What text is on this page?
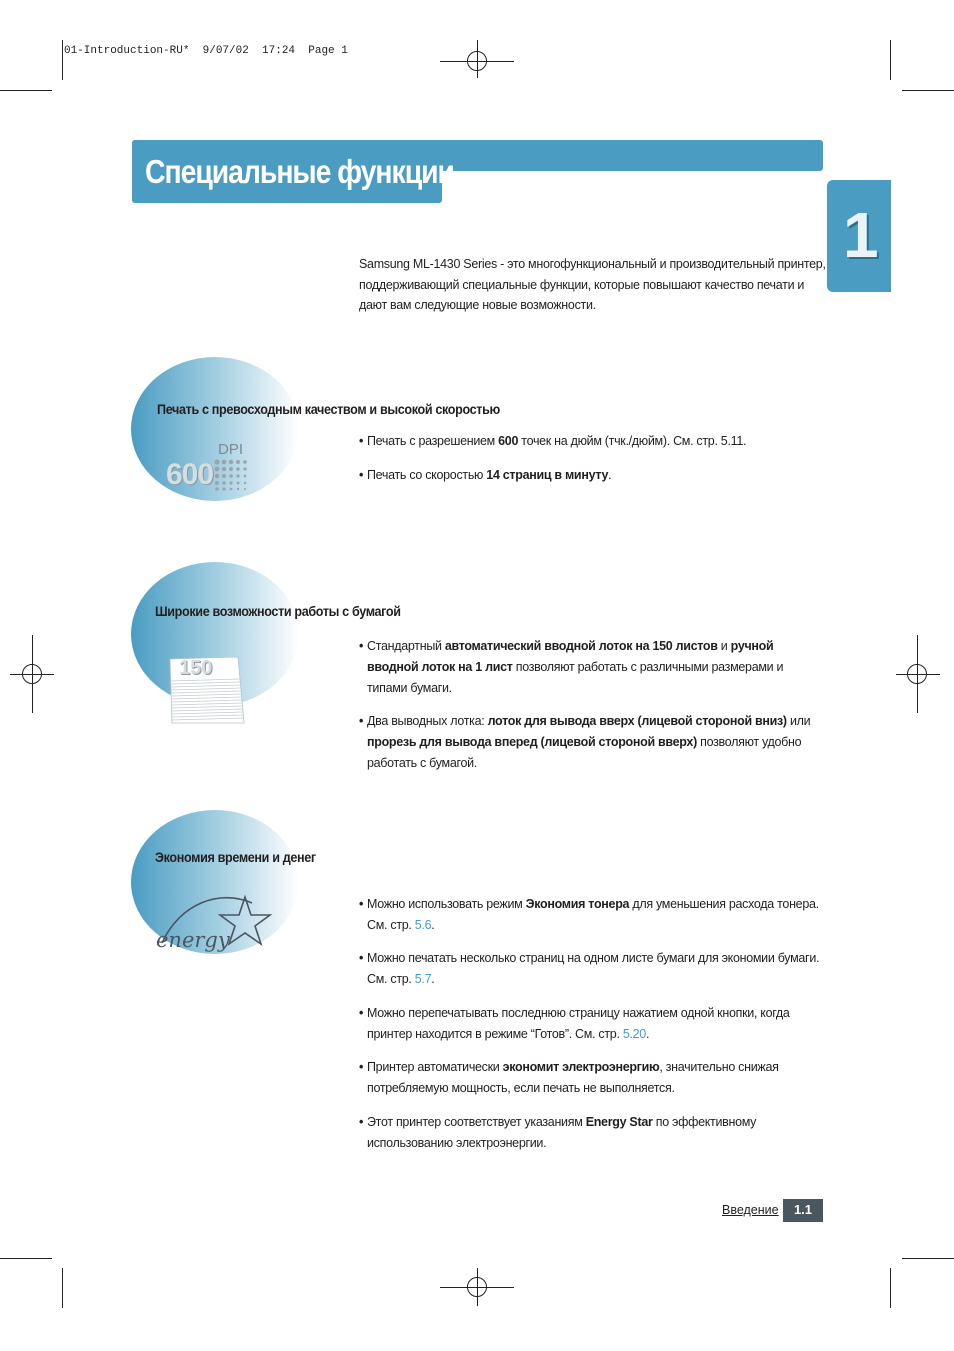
01-Introduction-RU*  9/07/02  17:24  Page 1
Специальные функции
1
Samsung ML-1430 Series - это многофункциональный и производительный принтер,
поддерживающий специальные функции, которые повышают качество печати и
дают вам следующие новые возможности.
Печать с превосходным качеством и высокой скоростью
DPI
600
• Печать с разрешением 600 точек на дюйм (тчк./дюйм). См. стр. 5.11.
• Печать со скоростью 14 страниц в минуту.
Широкие возможности работы с бумагой
150
• Стандартный автоматический вводной лоток на 150 листов и ручной
вводной лоток на 1 лист позволяют работать с различными размерами и
типами бумаги.
• Два выводных лотка: лоток для вывода вверх (лицевой стороной вниз) или
прорезь для вывода вперед (лицевой стороной вверх) позволяют удобно
работать с бумагой.
Экономия времени и денег
energy
• Можно использовать режим Экономия тонера для уменьшения расхода тонера.
См. стр. 5.6.
• Можно печатать несколько страниц на одном листе бумаги для экономии бумаги.
См. стр. 5.7.
• Можно перепечатывать последнюю страницу нажатием одной кнопки, когда
принтер находится в режиме “Готов”. См. стр. 5.20.
• Принтер автоматически экономит электроэнергию, значительно снижая
потребляемую мощность, если печать не выполняется.
• Этот принтер соответствует указаниям Energy Star по эффективному
использованию электроэнергии.
Введение	1.1
